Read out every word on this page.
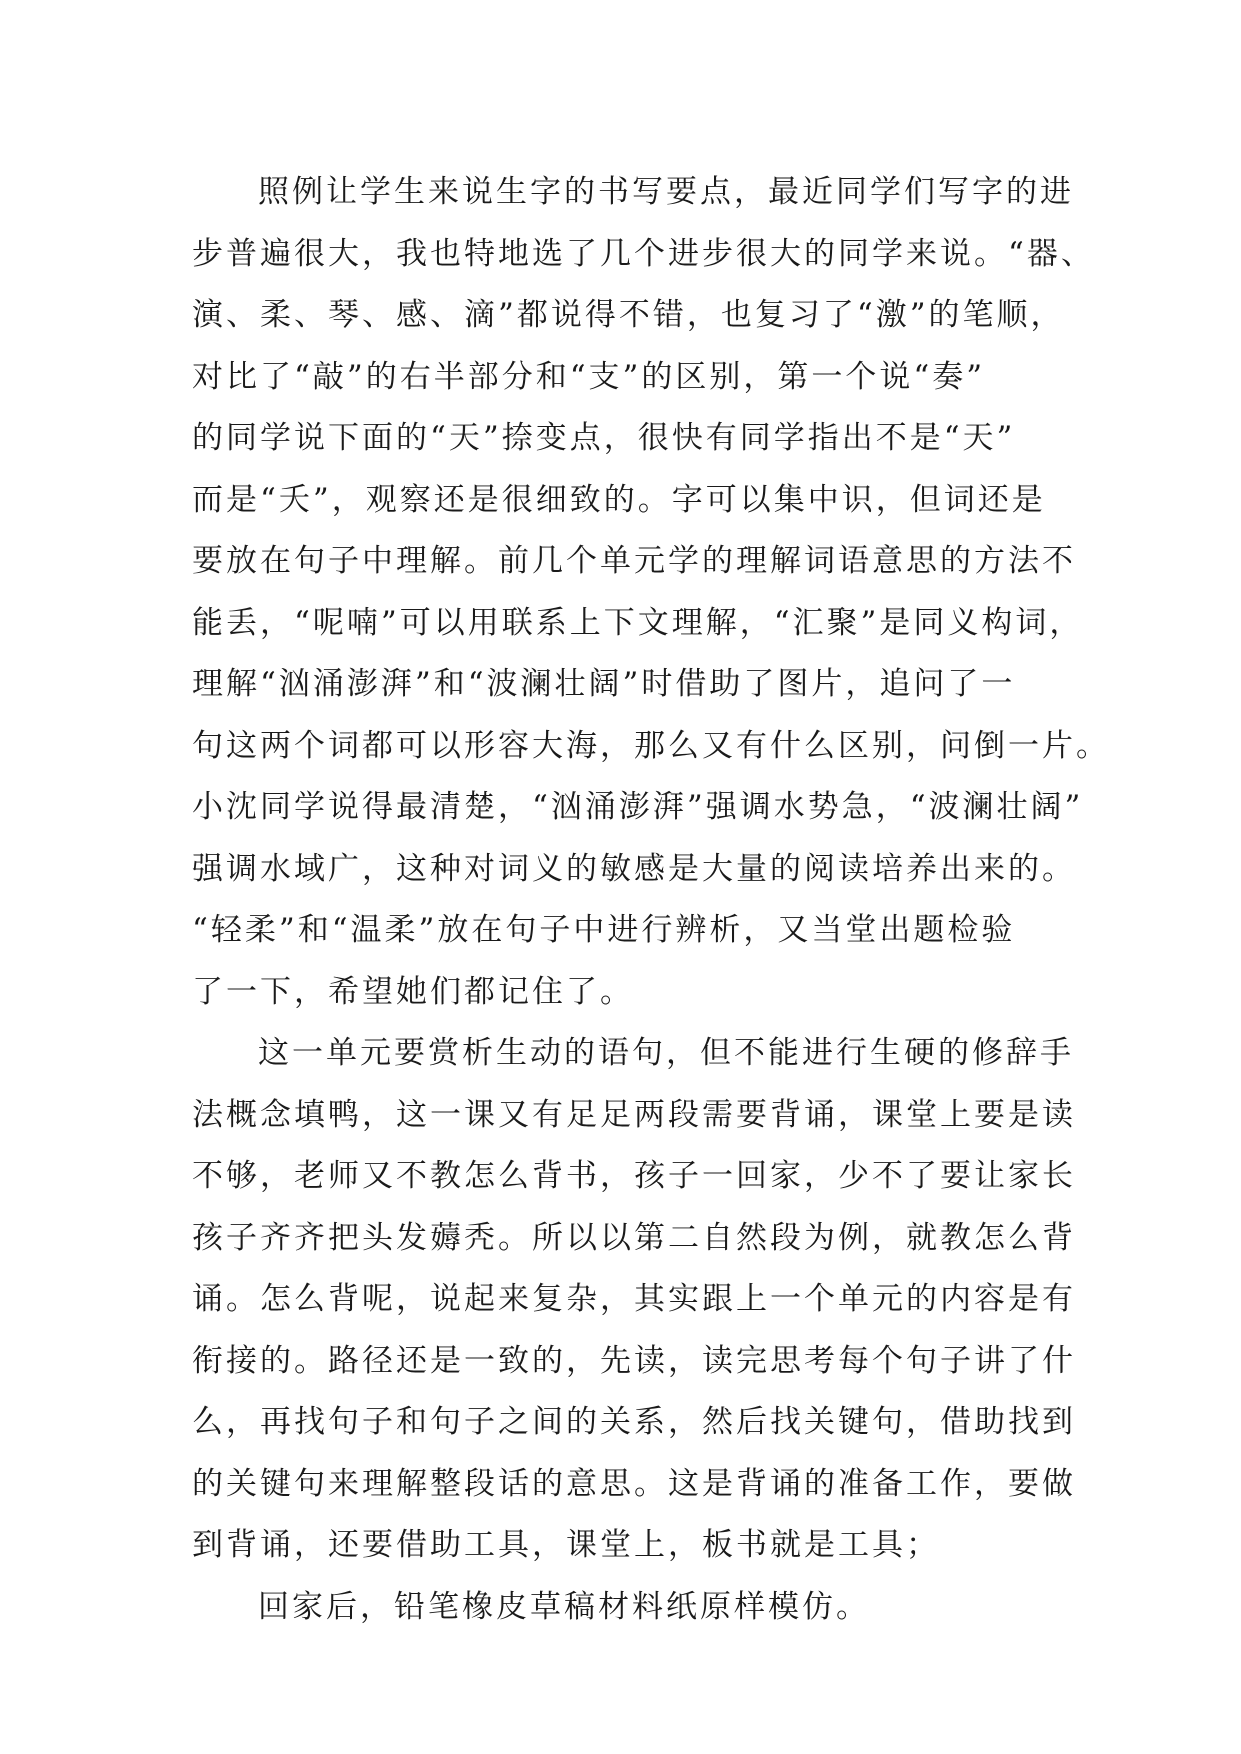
照例让学生来说生字的书写要点，最近同学们写字的进
步普遍很大，我也特地选了几个进步很大的同学来说。“器、
演、柔、琴、感、滴”都说得不错，也复习了“激”的笔顺，
对比了“敲”的右半部分和“支”的区别，第一个说“奏”
的同学说下面的“天”捺变点，很快有同学指出不是“天”
而是“夭”，观察还是很细致的。字可以集中识，但词还是
要放在句子中理解。前几个单元学的理解词语意思的方法不
能丢，“呢喃”可以用联系上下文理解，“汇聚”是同义构词，
理解“汹涌澎湃”和“波澜壮阔”时借助了图片，追问了一
句这两个词都可以形容大海，那么又有什么区别，问倒一片。
小沈同学说得最清楚，“汹涌澎湃”强调水势急，“波澜壮阔”
强调水域广，这种对词义的敏感是大量的阅读培养出来的。
“轻柔”和“温柔”放在句子中进行辨析，又当堂出题检验
了一下，希望她们都记住了。
这一单元要赏析生动的语句，但不能进行生硬的修辞手
法概念填鸭，这一课又有足足两段需要背诵，课堂上要是读
不够，老师又不教怎么背书，孩子一回家，少不了要让家长
孩子齐齐把头发薅秃。所以以第二自然段为例，就教怎么背
诵。怎么背呢，说起来复杂，其实跟上一个单元的内容是有
衔接的。路径还是一致的，先读，读完思考每个句子讲了什
么，再找句子和句子之间的关系，然后找关键句，借助找到
的关键句来理解整段话的意思。这是背诵的准备工作，要做
到背诵，还要借助工具，课堂上，板书就是工具；
回家后，铅笔橡皮草稿材料纸原样模仿。
